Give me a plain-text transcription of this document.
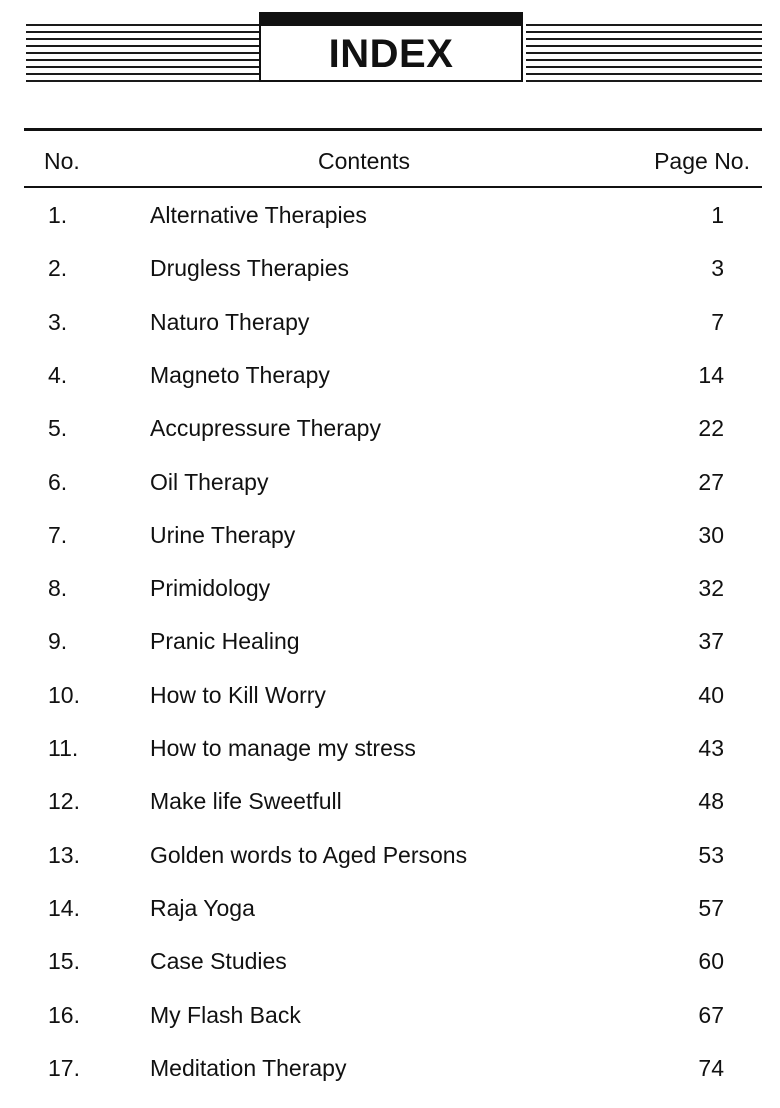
INDEX
No.	Contents	Page No.
1.	Alternative Therapies	1
2.	Drugless Therapies	3
3.	Naturo Therapy	7
4.	Magneto Therapy	14
5.	Accupressure Therapy	22
6.	Oil Therapy	27
7.	Urine Therapy	30
8.	Primidology	32
9.	Pranic Healing	37
10.	How to Kill Worry	40
11.	How to manage my stress	43
12.	Make life Sweetfull	48
13.	Golden words to Aged Persons	53
14.	Raja Yoga	57
15.	Case Studies	60
16.	My Flash Back	67
17.	Meditation Therapy	74
